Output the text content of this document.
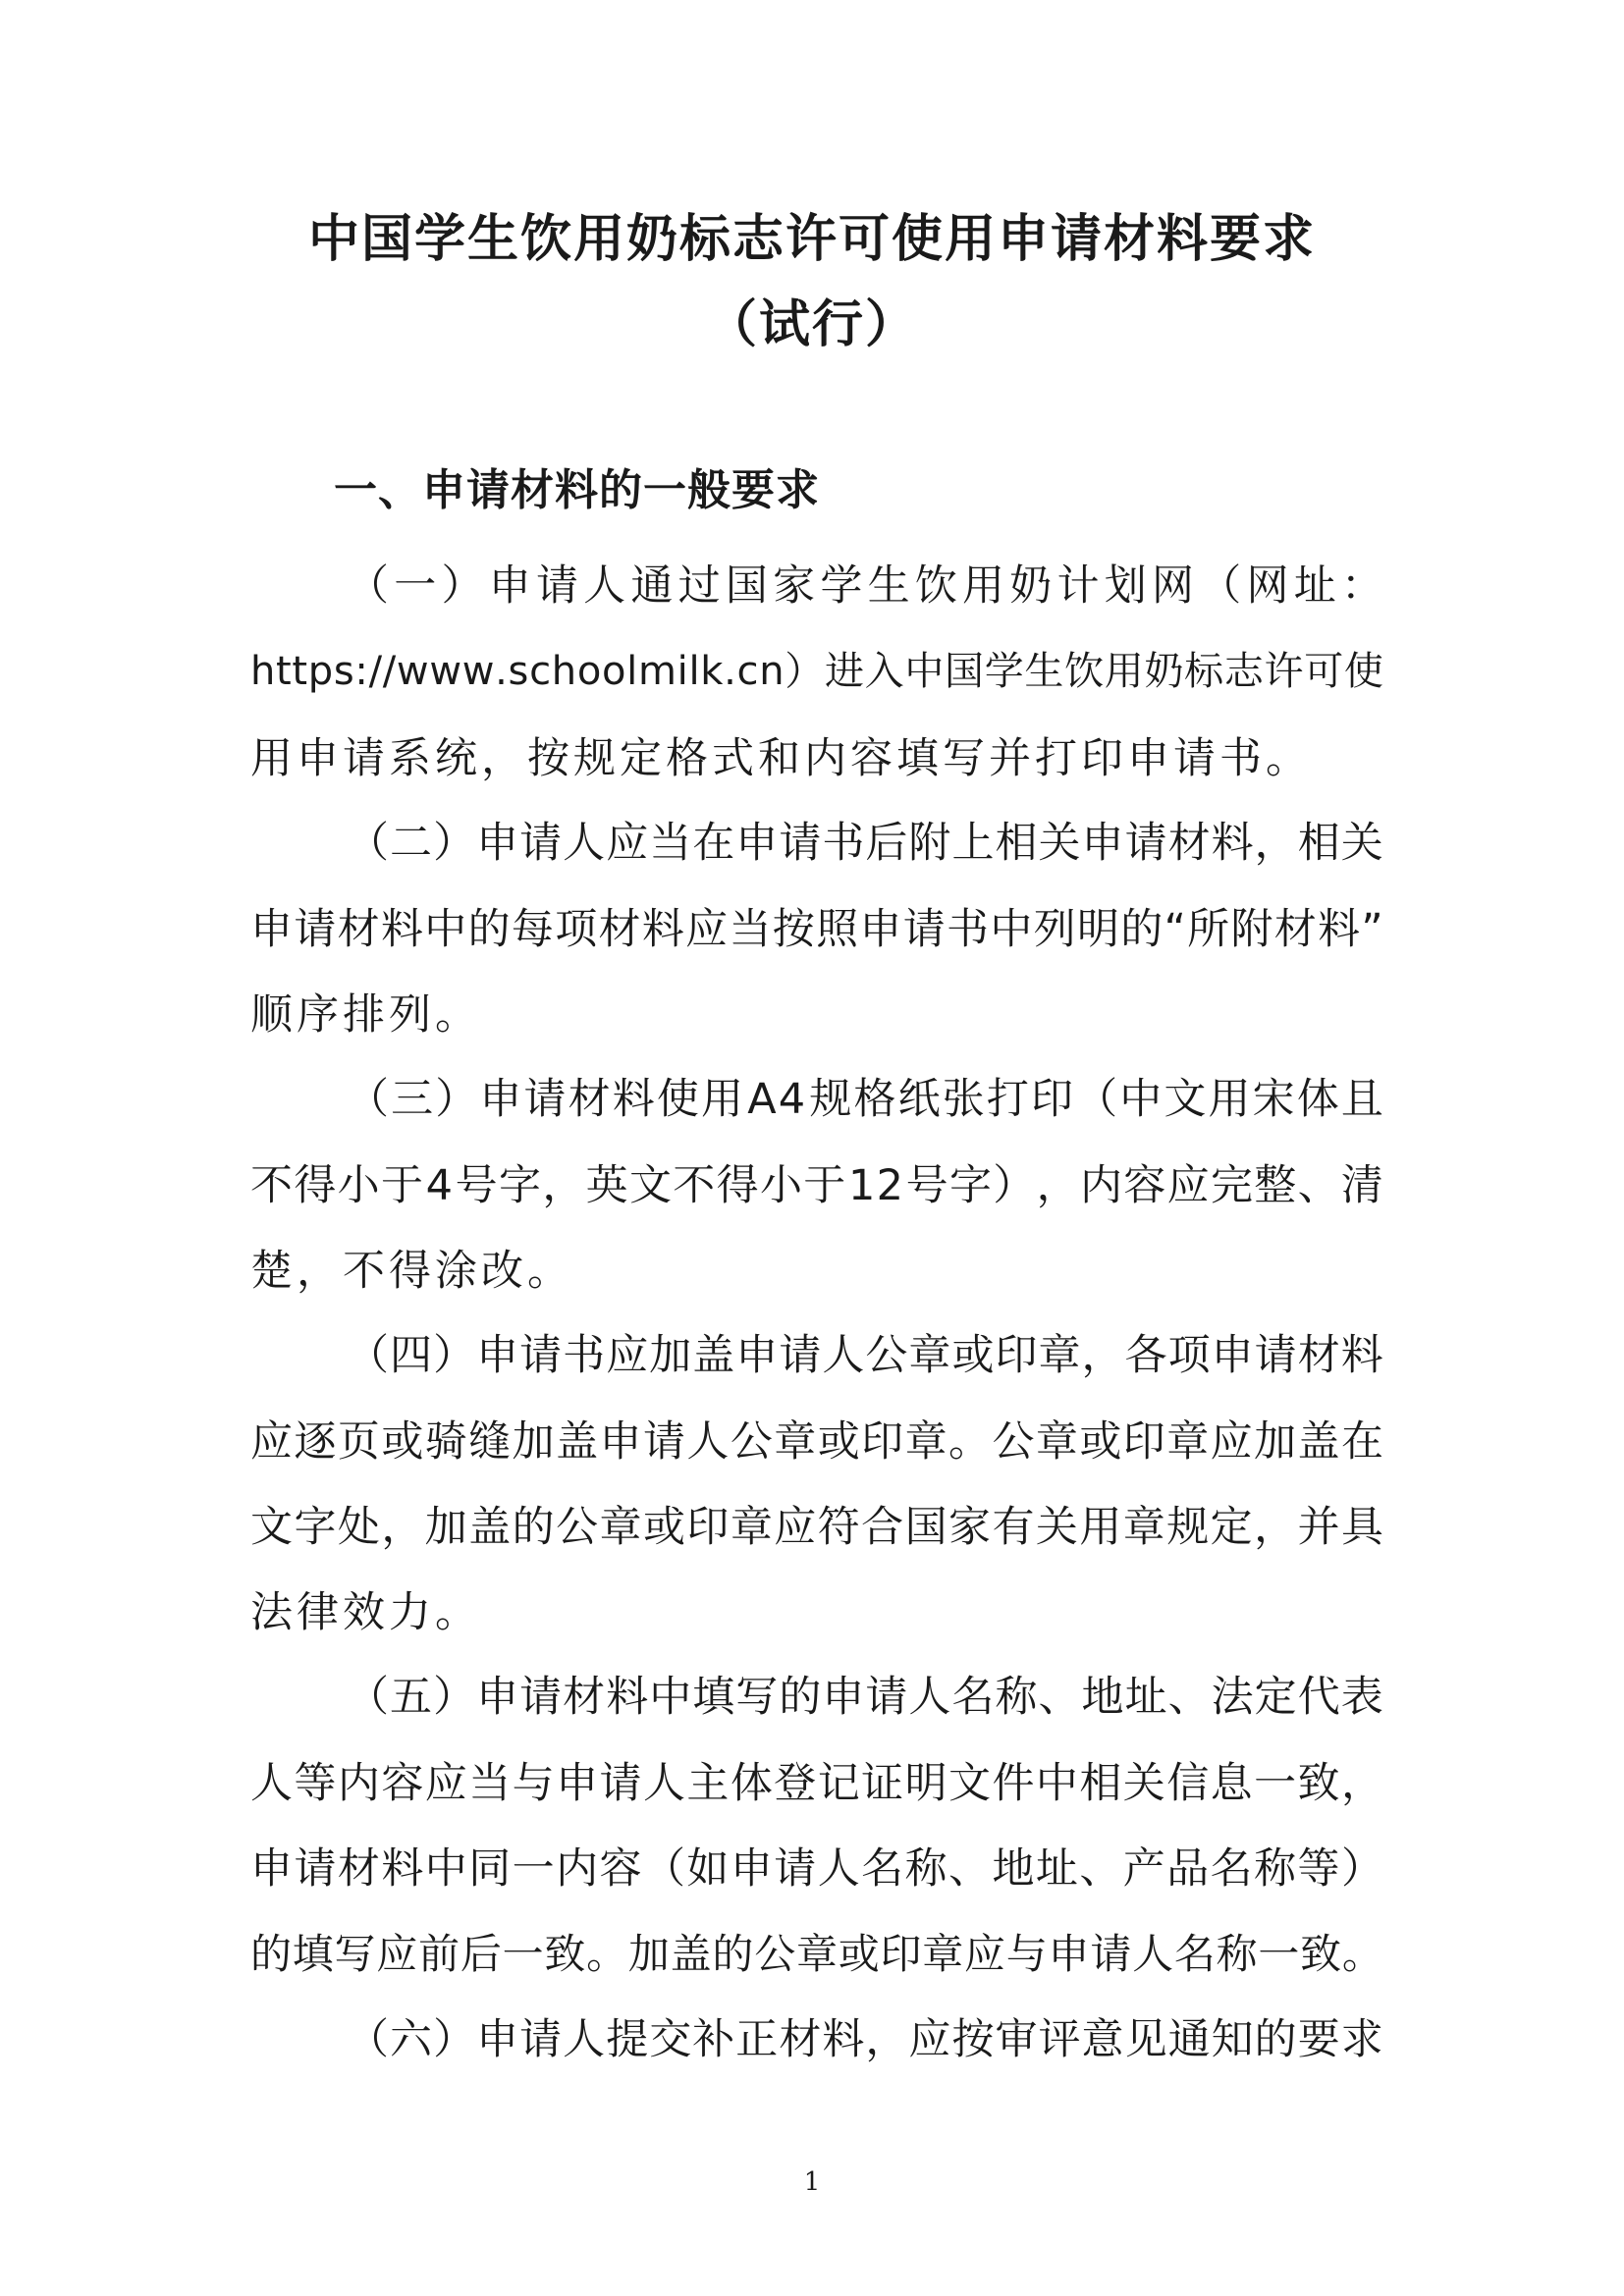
中国学生饮用奶标志许可使用申请材料要求
（试行）
一、申请材料的一般要求
（ 一 ） 申 请 人 通 过 国 家 学 生 饮 用 奶 计 划 网 （ 网 址 ：
h t t p s : / / w w w . s c h o o l m i l k . c n ） 进 入 中 国 学 生 饮 用 奶 标 志 许 可 使
用申请系统，按规定格式和内容填写并打印申请书。
（ 二 ） 申 请 人 应 当 在 申 请 书 后 附 上 相 关 申 请 材 料 ， 相 关
申 请 材 料 中 的 每 项 材 料 应 当 按 照 申 请 书 中 列 明 的 “ 所 附 材 料 ”
顺序排列。
（ 三 ） 申 请 材 料 使 用 A 4 规 格 纸 张 打 印 （ 中 文 用 宋 体 且
不 得 小 于 4 号 字 ， 英 文 不 得 小 于 1 2 号 字 ） ， 内 容 应 完 整 、 清
楚，不得涂改。
（ 四 ） 申 请 书 应 加 盖 申 请 人 公 章 或 印 章 ， 各 项 申 请 材 料
应 逐 页 或 骑 缝 加 盖 申 请 人 公 章 或 印 章 。 公 章 或 印 章 应 加 盖 在
文 字 处 ， 加 盖 的 公 章 或 印 章 应 符 合 国 家 有 关 用 章 规 定 ， 并 具
法律效力。
（ 五 ） 申 请 材 料 中 填 写 的 申 请 人 名 称 、 地 址 、 法 定 代 表
人 等 内 容 应 当 与 申 请 人 主 体 登 记 证 明 文 件 中 相 关 信 息 一 致 ，
申 请 材 料 中 同 一 内 容 （ 如 申 请 人 名 称 、 地 址 、 产 品 名 称 等 ）
的 填 写 应 前 后 一 致 。 加 盖 的 公 章 或 印 章 应 与 申 请 人 名 称 一 致 。
（ 六 ） 申 请 人 提 交 补 正 材 料 ， 应 按 审 评 意 见 通 知 的 要 求
1
